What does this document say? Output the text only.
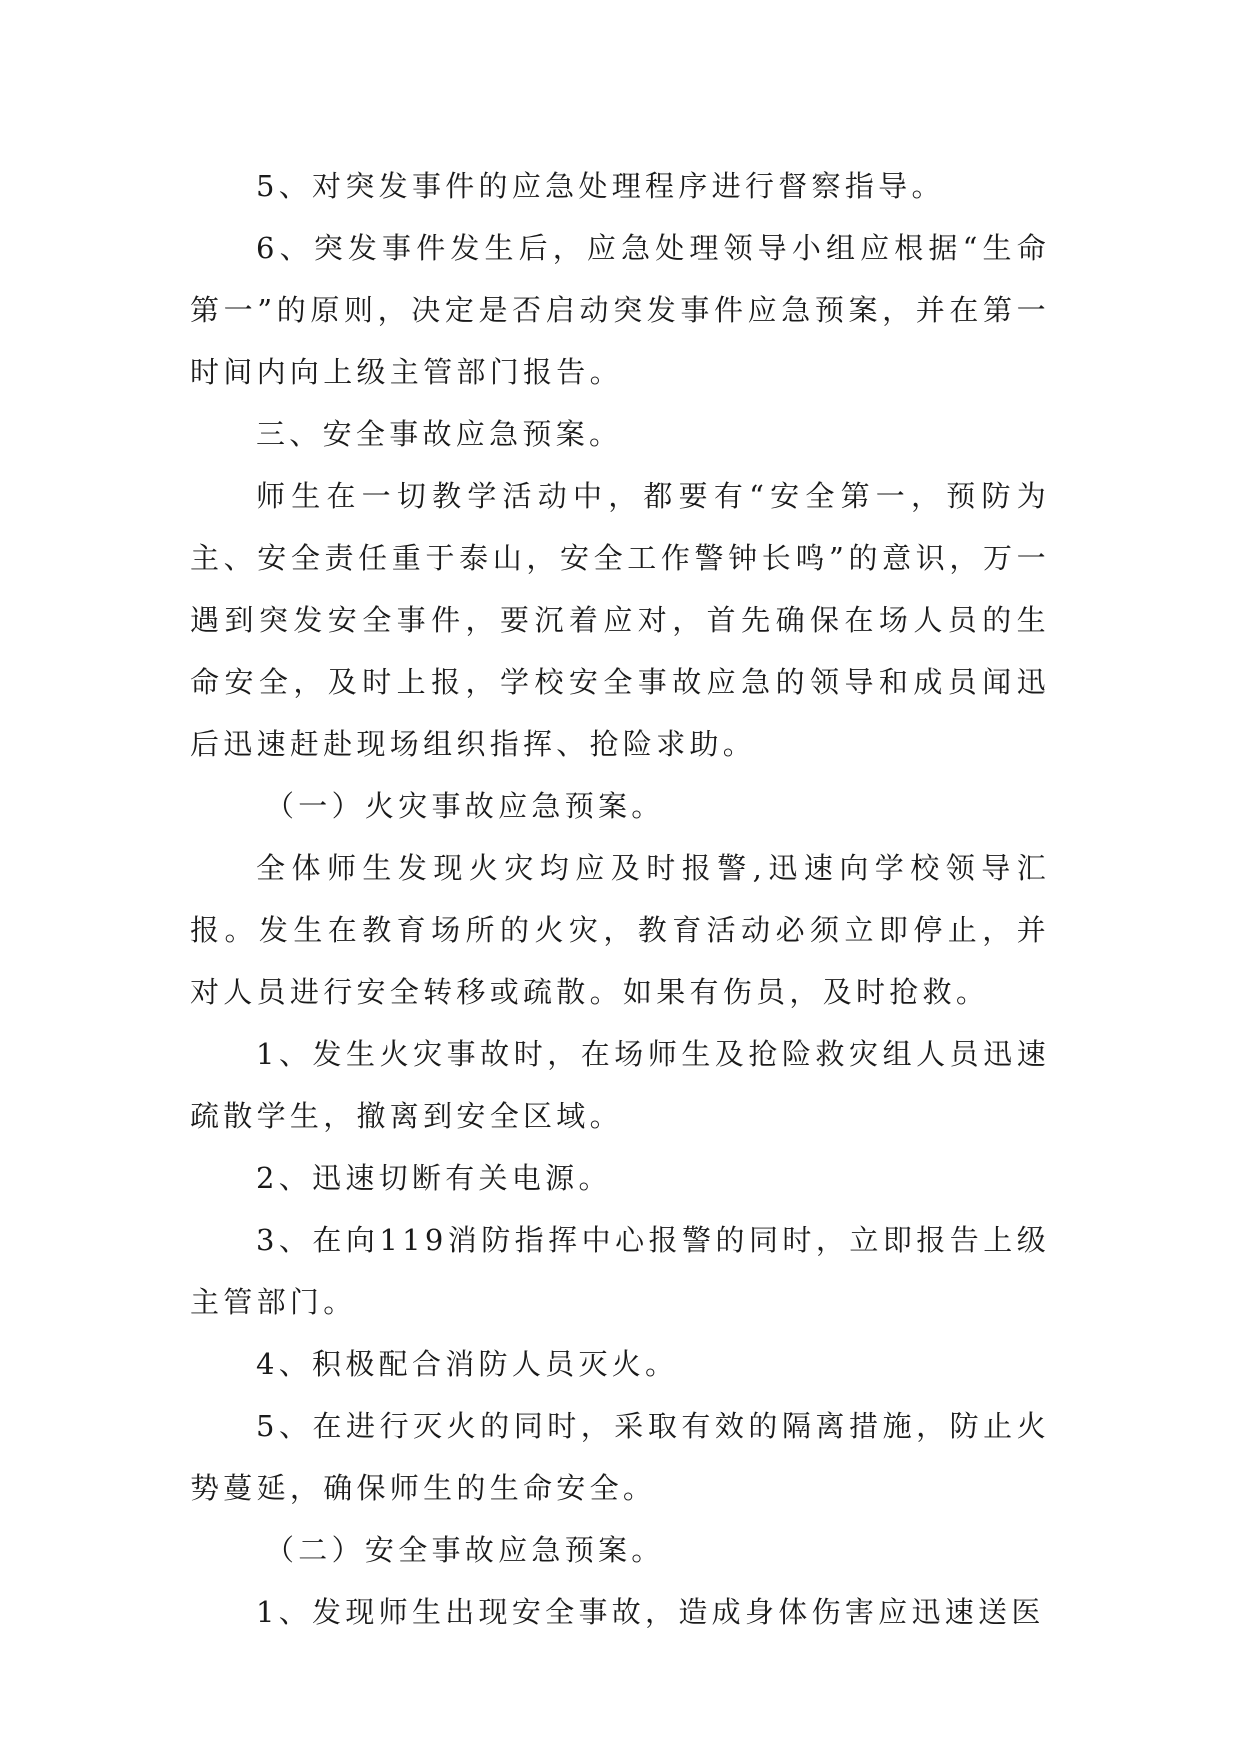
5、对突发事件的应急处理程序进行督察指导。

6、突发事件发生后，应急处理领导小组应根据“生命第一”的原则，决定是否启动突发事件应急预案，并在第一时间内向上级主管部门报告。

三、安全事故应急预案。

师生在一切教学活动中，都要有“安全第一，预防为主、安全责任重于泰山，安全工作警钟长鸣”的意识，万一遇到突发安全事件，要沉着应对，首先确保在场人员的生命安全，及时上报，学校安全事故应急的领导和成员闻迅后迅速赶赴现场组织指挥、抢险求助。

（一）火灾事故应急预案。

全体师生发现火灾均应及时报警,迅速向学校领导汇报。发生在教育场所的火灾，教育活动必须立即停止，并对人员进行安全转移或疏散。如果有伤员，及时抢救。

1、发生火灾事故时，在场师生及抢险救灾组人员迅速疏散学生，撤离到安全区域。

2、迅速切断有关电源。

3、在向119消防指挥中心报警的同时，立即报告上级主管部门。

4、积极配合消防人员灭火。

5、在进行灭火的同时，采取有效的隔离措施，防止火势蔓延，确保师生的生命安全。

（二）安全事故应急预案。

1、发现师生出现安全事故，造成身体伤害应迅速送医
